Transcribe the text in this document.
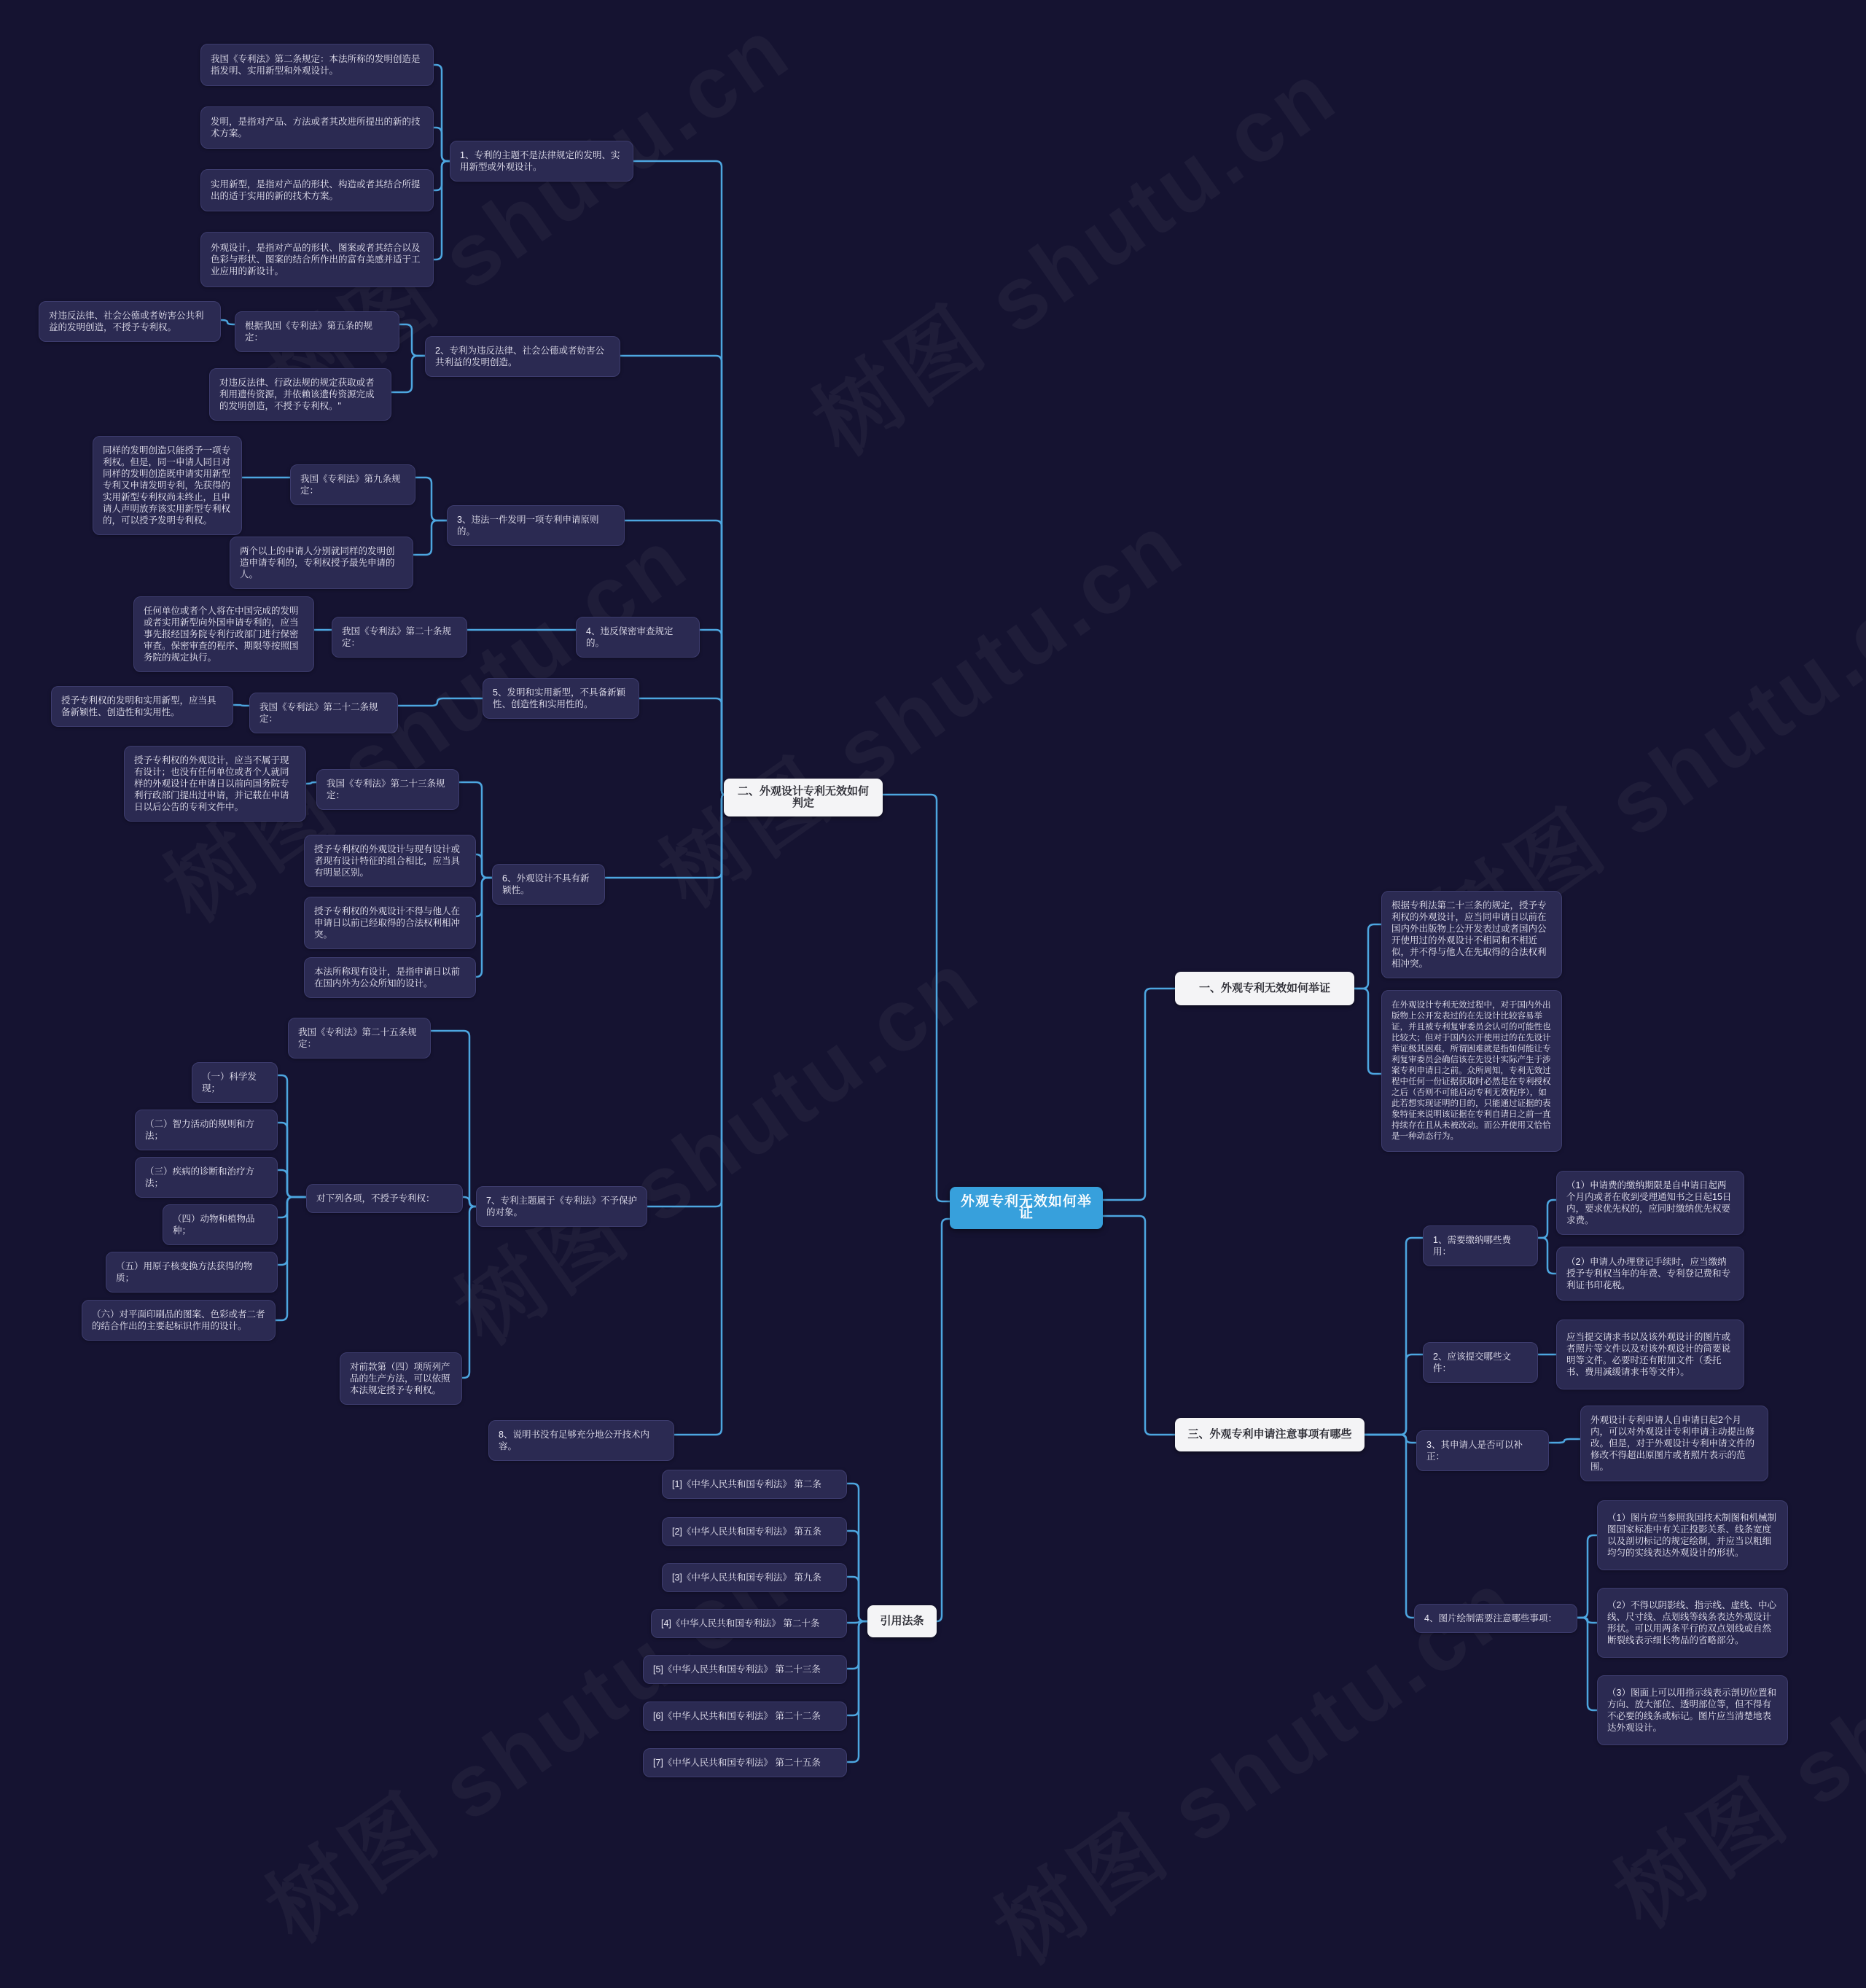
外观专利无效如何举证
二、外观设计专利无效如何判定
一、外观专利无效如何举证
三、外观专利申请注意事项有哪些
引用法条
1、专利的主题不是法律规定的发明、实用新型或外观设计。
2、专利为违反法律、社会公德或者妨害公共利益的发明创造。
3、违法一件发明一项专利申请原则的。
4、违反保密审查规定的。
5、发明和实用新型，不具备新颖性、创造性和实用性的。
6、外观设计不具有新颖性。
7、专利主题属于《专利法》不予保护的对象。
8、说明书没有足够充分地公开技术内容。
我国《专利法》第二条规定：本法所称的发明创造是指发明、实用新型和外观设计。
发明，是指对产品、方法或者其改进所提出的新的技术方案。
实用新型，是指对产品的形状、构造或者其结合所提出的适于实用的新的技术方案。
外观设计，是指对产品的形状、图案或者其结合以及色彩与形状、图案的结合所作出的富有美感并适于工业应用的新设计。
对违反法律、社会公德或者妨害公共利益的发明创造，不授予专利权。	根据我国《专利法》第五条的规定：
对违反法律、行政法规的规定获取或者利用遗传资源，并依赖该遗传资源完成的发明创造，不授予专利权。"
同样的发明创造只能授予一项专利权。但是，同一申请人同日对同样的发明创造既申请实用新型专利又申请发明专利，先获得的实用新型专利权尚未终止，且申请人声明放弃该实用新型专利权的，可以授予发明专利权。
我国《专利法》第九条规定：
两个以上的申请人分别就同样的发明创造申请专利的，专利权授予最先申请的人。
任何单位或者个人将在中国完成的发明或者实用新型向外国申请专利的，应当事先报经国务院专利行政部门进行保密审查。保密审查的程序、期限等按照国务院的规定执行。
我国《专利法》第二十条规定：
授予专利权的发明和实用新型，应当具备新颖性、创造性和实用性。	我国《专利法》第二十二条规定：
授予专利权的外观设计，应当不属于现有设计；也没有任何单位或者个人就同样的外观设计在申请日以前向国务院专利行政部门提出过申请，并记载在申请日以后公告的专利文件中。
我国《专利法》第二十三条规定：
授予专利权的外观设计与现有设计或者现有设计特征的组合相比，应当具有明显区别。
授予专利权的外观设计不得与他人在申请日以前已经取得的合法权利相冲突。
本法所称现有设计，是指申请日以前在国内外为公众所知的设计。
我国《专利法》第二十五条规定：
（一）科学发现；
（二）智力活动的规则和方法；
（三）疾病的诊断和治疗方法；
（四）动物和植物品种；
（五）用原子核变换方法获得的物质；
（六）对平面印刷品的图案、色彩或者二者的结合作出的主要起标识作用的设计。
对下列各项，不授予专利权：
对前款第（四）项所列产品的生产方法，可以依照本法规定授予专利权。
根据专利法第二十三条的规定，授予专利权的外观设计，应当同申请日以前在国内外出版物上公开发表过或者国内公开使用过的外观设计不相同和不相近似，并不得与他人在先取得的合法权利相冲突。
在外观设计专利无效过程中，对于国内外出版物上公开发表过的在先设计比较容易举证，并且被专利复审委员会认可的可能性也比较大；但对于国内公开使用过的在先设计举证极其困难，所谓困难就是指如何能让专利复审委员会确信该在先设计实际产生于涉案专利申请日之前。众所周知，专利无效过程中任何一份证据获取时必然是在专利授权之后（否则不可能启动专利无效程序），如此若想实现证明的目的，只能通过证据的表象特征来说明该证据在专利自请日之前一直持续存在且从未被改动。而公开使用又恰恰是一种动态行为。
1、需要缴纳哪些费用：
（1）申请费的缴纳期限是自申请日起两个月内或者在收到受理通知书之日起15日内，要求优先权的，应同时缴纳优先权要求费。
（2）申请人办理登记手续时，应当缴纳授予专利权当年的年费、专利登记费和专利证书印花税。
2、应该提交哪些文件：
应当提交请求书以及该外观设计的图片或者照片等文件以及对该外观设计的简要说明等文件。必要时还有附加文件（委托书、费用减缓请求书等文件）。
3、其申请人是否可以补正：
外观设计专利申请人自申请日起2个月内，可以对外观设计专利申请主动提出修改。但是，对于外观设计专利申请文件的修改不得超出原图片或者照片表示的范围。
4、图片绘制需要注意哪些事项：
（1）图片应当参照我国技术制图和机械制图国家标准中有关正投影关系、线条宽度以及剖切标记的规定绘制，并应当以粗细均匀的实线表达外观设计的形状。
（2）不得以阴影线、指示线、虚线、中心线、尺寸线、点划线等线条表达外观设计形状。可以用两条平行的双点划线或自然断裂线表示细长物品的省略部分。
（3）图面上可以用指示线表示剖切位置和方向、放大部位、透明部位等，但不得有不必要的线条或标记。图片应当清楚地表达外观设计。
[1]《中华人民共和国专利法》 第二条
[2]《中华人民共和国专利法》 第五条
[3]《中华人民共和国专利法》 第九条
[4]《中华人民共和国专利法》 第二十条
[5]《中华人民共和国专利法》 第二十三条
[6]《中华人民共和国专利法》 第二十二条
[7]《中华人民共和国专利法》 第二十五条
